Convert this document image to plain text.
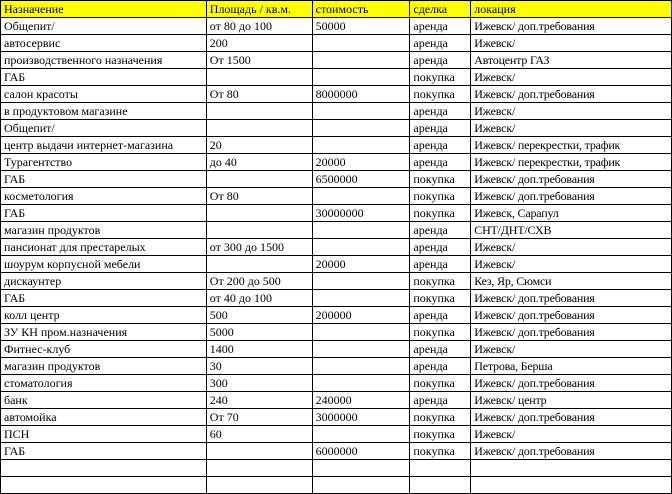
Назначение	Площадь / кв.м.	стоимость	сделка	локация
Общепит/	от 80 до 100	50000	аренда	Ижевск/ доп.требования
автосервис	200		аренда	Ижевск/
производственного назначения	От 1500		аренда	Автоцентр ГАЗ
ГАБ			покупка	Ижевск/
салон красоты	От 80	8000000	покупка	Ижевск/ доп.требования
в продуктовом магазине			аренда	Ижевск/
Общепит/			аренда	Ижевск/
центр выдачи интернет-магазина	20		аренда	Ижевск/ перекрестки, трафик
Турагентство	до 40	20000	аренда	Ижевск/ перекрестки, трафик
ГАБ		6500000	покупка	Ижевск/ доп.требования
косметология	От 80		покупка	Ижевск/ доп.требования
ГАБ		30000000	покупка	Ижевск, Сарапул
магазин продуктов			аренда	СНТ/ДНТ/СХВ
пансионат для престарелых	от 300 до 1500		аренда	Ижевск/
шоурум корпусной мебели		20000	аренда	Ижевск/
дискаунтер	От 200 до 500		покупка	Кез, Яр, Сюмси
ГАБ	от 40 до 100		покупка	Ижевск/ доп.требования
колл центр	500	200000	аренда	Ижевск/ доп.требования
ЗУ КН пром.назначения	5000		покупка	Ижевск/ доп.требования
Фитнес-клуб	1400		аренда	Ижевск/
магазин продуктов	30		аренда	Петрова, Берша
стоматология	300		покупка	Ижевск/ доп.требования
банк	240	240000	аренда	Ижевск/ центр
автомойка	От 70	3000000	покупка	Ижевск/ доп.требования
ПСН	60		покупка	Ижевск/
ГАБ		6000000	покупка	Ижевск/ доп.требования
